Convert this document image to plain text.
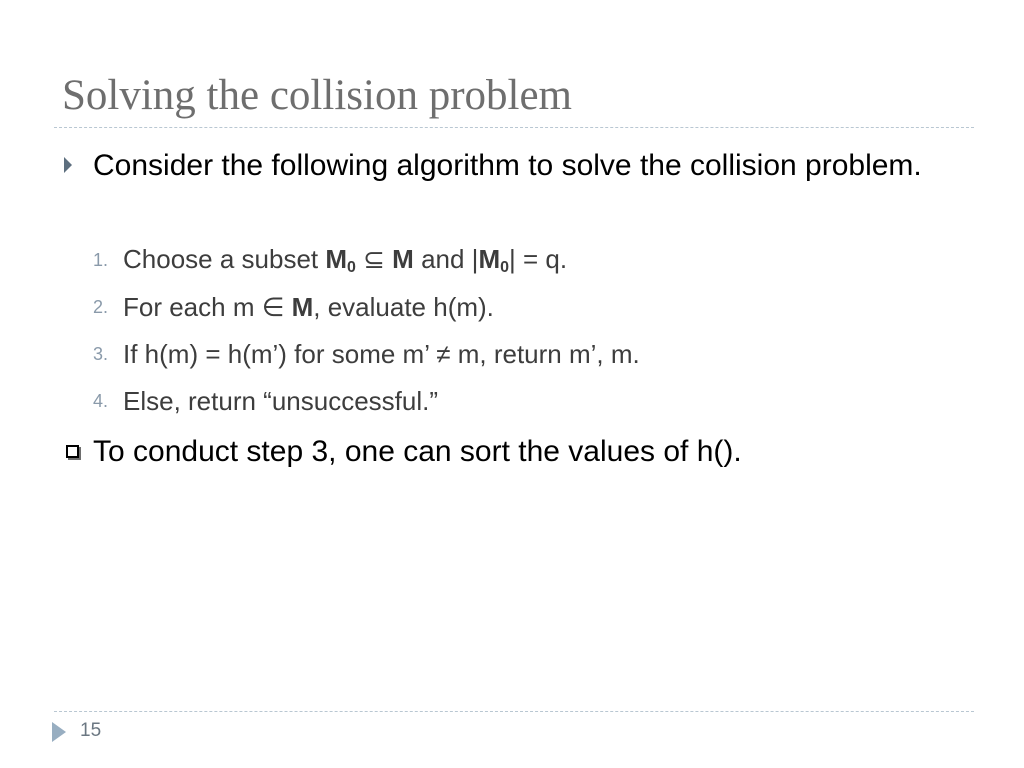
Solving the collision problem
Consider the following algorithm to solve the collision problem.
1. Choose a subset $M_0$ ⊆ M and $|M_0| = q$.
2. For each m ∈ M, evaluate h(m).
3. If h(m) = h(m’) for some m’ ≠ m, return m’, m.
4. Else, return “unsuccessful.”
To conduct step 3, one can sort the values of h().
15
